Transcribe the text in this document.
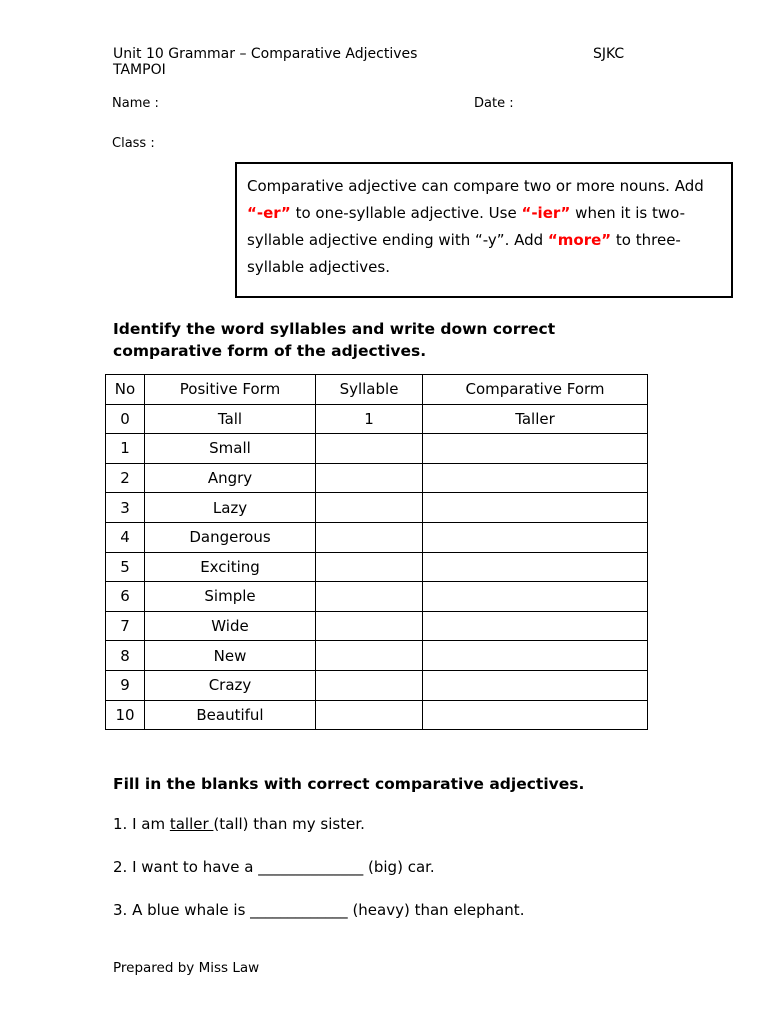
Unit 10 Grammar – Comparative Adjectives	SJKC
TAMPOI
Name :	Date :
Class :
Comparative adjective can compare two or more nouns. Add “-er” to one-syllable adjective. Use “-ier” when it is two-syllable adjective ending with “-y”. Add “more” to three-syllable adjectives.
Identify the word syllables and write down correct comparative form of the adjectives.
No	Positive Form	Syllable	Comparative Form
0	Tall	1	Taller
1	Small		
2	Angry		
3	Lazy		
4	Dangerous		
5	Exciting		
6	Simple		
7	Wide		
8	New		
9	Crazy		
10	Beautiful		
Fill in the blanks with correct comparative adjectives.
1. I am taller (tall) than my sister.
2. I want to have a ______________ (big) car.
3. A blue whale is _____________ (heavy) than elephant.
Prepared by Miss Law
